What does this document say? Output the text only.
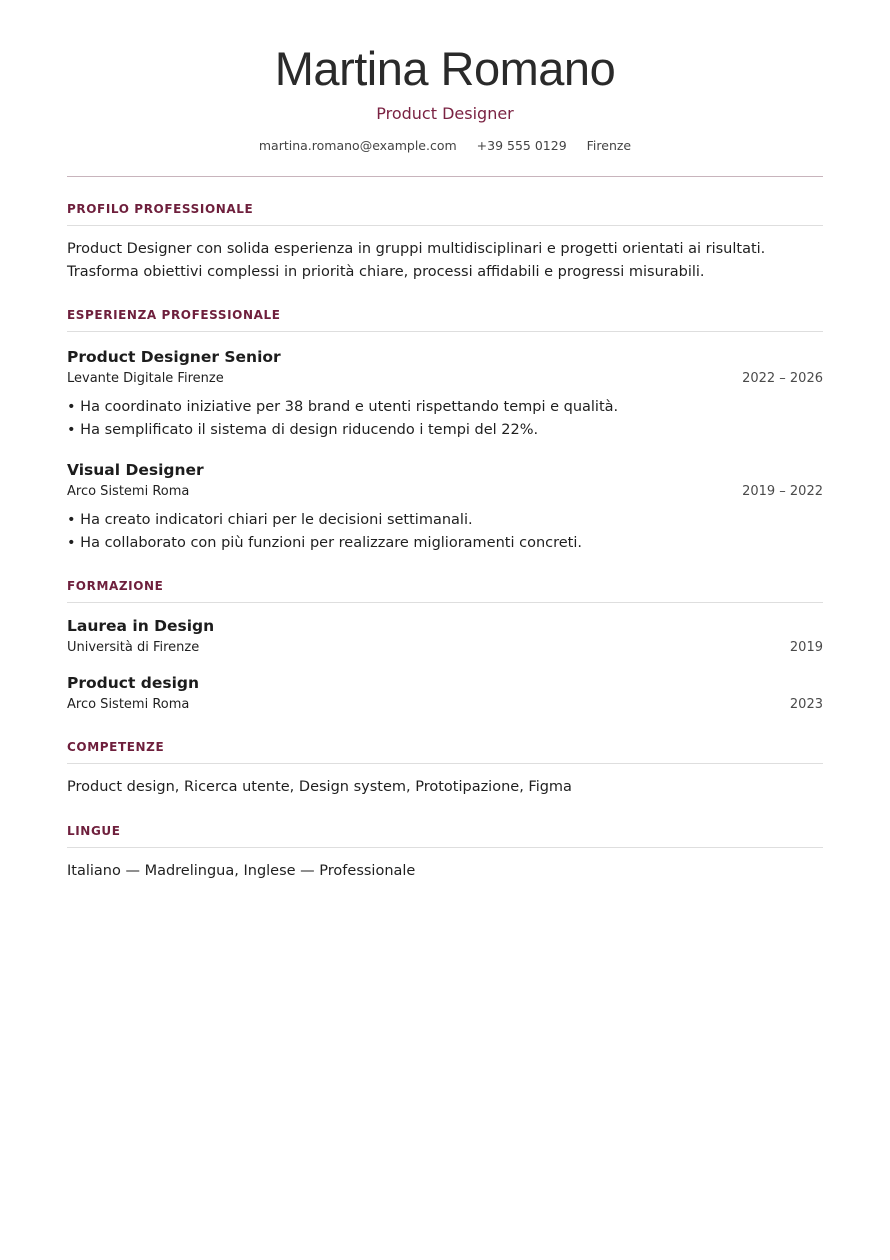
Martina Romano
Product Designer
martina.romano@example.com +39 555 0129 Firenze
PROFILO PROFESSIONALE

Product Designer con solida esperienza in gruppi multidisciplinari e progetti orientati ai risultati. Trasforma obiettivi complessi in priorità chiare, processi affidabili e progressi misurabili.

ESPERIENZA PROFESSIONALE
Product Designer Senior
Levante Digitale Firenze	2022 – 2026
• Ha coordinato iniziative per 38 brand e utenti rispettando tempi e qualità.
• Ha semplificato il sistema di design riducendo i tempi del 22%.
Visual Designer
Arco Sistemi Roma	2019 – 2022
• Ha creato indicatori chiari per le decisioni settimanali.
• Ha collaborato con più funzioni per realizzare miglioramenti concreti.
FORMAZIONE
Laurea in Design
Università di Firenze	2019
Product design
Arco Sistemi Roma	2023
COMPETENZE

Product design, Ricerca utente, Design system, Prototipazione, Figma

LINGUE

Italiano — Madrelingua, Inglese — Professionale
